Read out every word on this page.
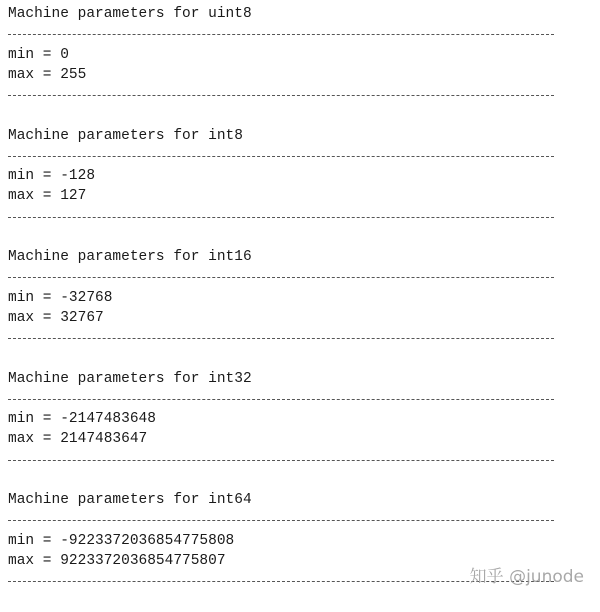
Machine parameters for uint8
min = 0
max = 255
Machine parameters for int8
min = -128
max = 127
Machine parameters for int16
min = -32768
max = 32767
Machine parameters for int32
min = -2147483648
max = 2147483647
Machine parameters for int64
min = -9223372036854775808
max = 9223372036854775807
知乎 @junode
